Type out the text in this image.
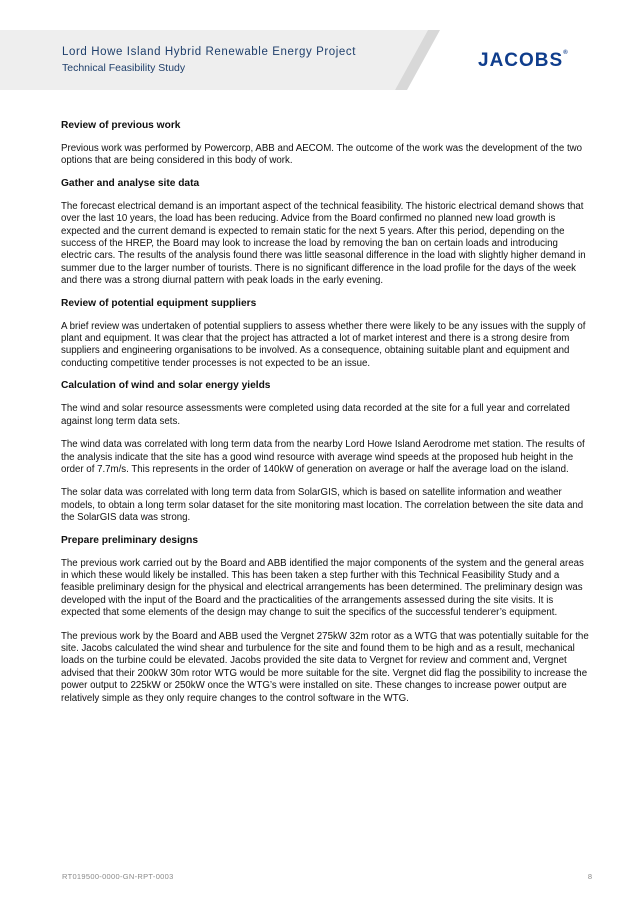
Lord Howe Island Hybrid Renewable Energy Project
Technical Feasibility Study	JACOBS®
Review of previous work
Previous work was performed by Powercorp, ABB and AECOM. The outcome of the work was the development of the two options that are being considered in this body of work.
Gather and analyse site data
The forecast electrical demand is an important aspect of the technical feasibility. The historic electrical demand shows that over the last 10 years, the load has been reducing. Advice from the Board confirmed no planned new load growth is expected and the current demand is expected to remain static for the next 5 years. After this period, depending on the success of the HREP, the Board may look to increase the load by removing the ban on certain loads and introducing electric cars. The results of the analysis found there was little seasonal difference in the load with slightly higher demand in summer due to the larger number of tourists. There is no significant difference in the load profile for the days of the week and there was a strong diurnal pattern with peak loads in the early evening.
Review of potential equipment suppliers
A brief review was undertaken of potential suppliers to assess whether there were likely to be any issues with the supply of plant and equipment. It was clear that the project has attracted a lot of market interest and there is a strong desire from suppliers and engineering organisations to be involved. As a consequence, obtaining suitable plant and equipment and conducting competitive tender processes is not expected to be an issue.
Calculation of wind and solar energy yields
The wind and solar resource assessments were completed using data recorded at the site for a full year and correlated against long term data sets.
The wind data was correlated with long term data from the nearby Lord Howe Island Aerodrome met station. The results of the analysis indicate that the site has a good wind resource with average wind speeds at the proposed hub height in the order of 7.7m/s. This represents in the order of 140kW of generation on average or half the average load on the island.
The solar data was correlated with long term data from SolarGIS, which is based on satellite information and weather models, to obtain a long term solar dataset for the site monitoring mast location. The correlation between the site data and the SolarGIS data was strong.
Prepare preliminary designs
The previous work carried out by the Board and ABB identified the major components of the system and the general areas in which these would likely be installed. This has been taken a step further with this Technical Feasibility Study and a feasible preliminary design for the physical and electrical arrangements has been determined. The preliminary design was developed with the input of the Board and the practicalities of the arrangements assessed during the site visits. It is expected that some elements of the design may change to suit the specifics of the successful tenderer’s equipment.
The previous work by the Board and ABB used the Vergnet 275kW 32m rotor as a WTG that was potentially suitable for the site. Jacobs calculated the wind shear and turbulence for the site and found them to be high and as a result, mechanical loads on the turbine could be elevated. Jacobs provided the site data to Vergnet for review and comment and, Vergnet advised that their 200kW 30m rotor WTG would be more suitable for the site. Vergnet did flag the possibility to increase the power output to 225kW or 250kW once the WTG’s were installed on site. These changes to increase power output are relatively simple as they only require changes to the control software in the WTG.
RT019500-0000-GN-RPT-0003	8
